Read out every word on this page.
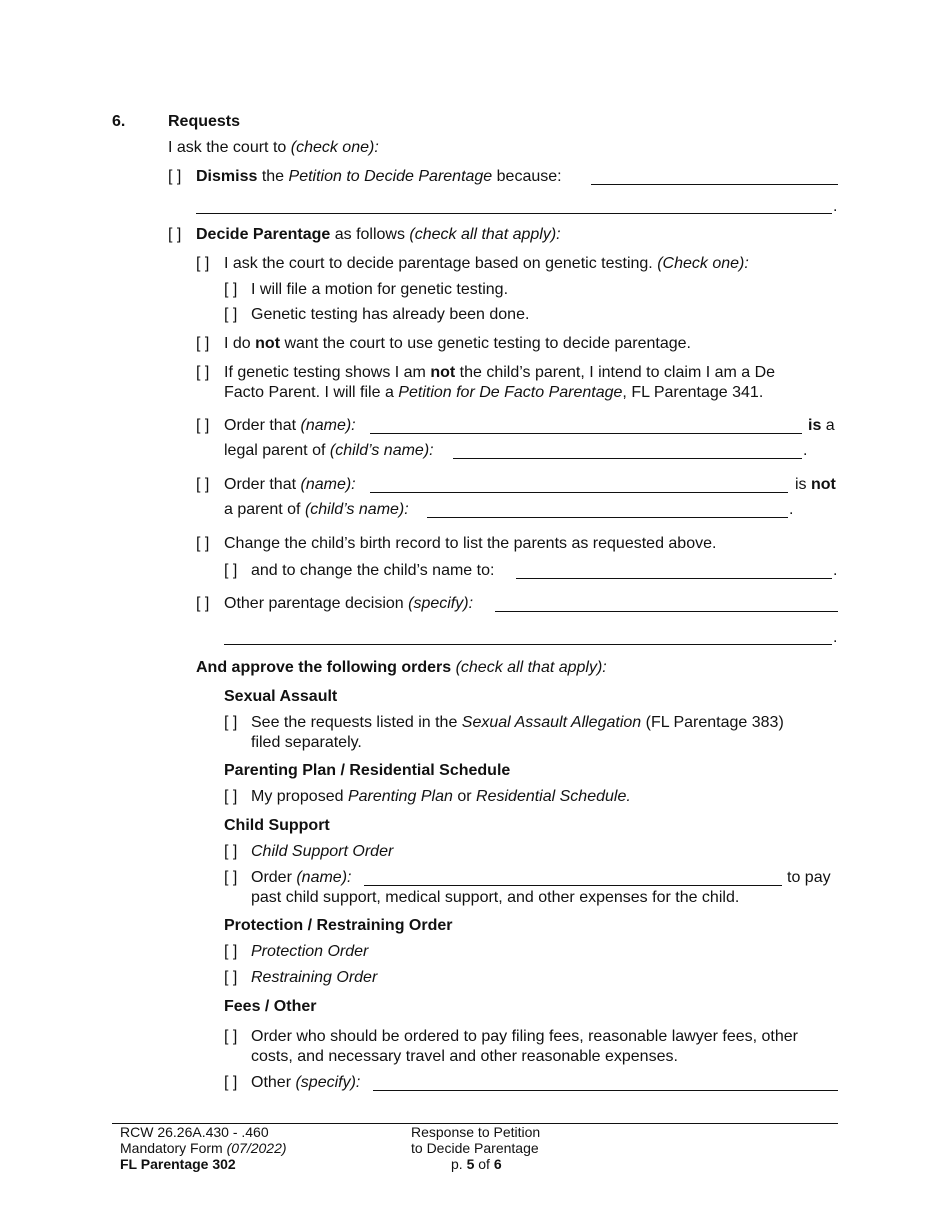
6.	Requests
I ask the court to (check one):
[ ] Dismiss the Petition to Decide Parentage because:
.
[ ] Decide Parentage as follows (check all that apply):
[ ] I ask the court to decide parentage based on genetic testing. (Check one):
[ ] I will file a motion for genetic testing.
[ ] Genetic testing has already been done.
[ ] I do not want the court to use genetic testing to decide parentage.
[ ] If genetic testing shows I am not the child’s parent, I intend to claim I am a De
Facto Parent. I will file a Petition for De Facto Parentage, FL Parentage 341.
[ ] Order that (name):	is a
legal parent of (child’s name):	.
[ ] Order that (name):	is not
a parent of (child’s name):	.
[ ] Change the child’s birth record to list the parents as requested above.
[ ] and to change the child’s name to:	.
[ ] Other parentage decision (specify):
.
And approve the following orders (check all that apply):
Sexual Assault
[ ] See the requests listed in the Sexual Assault Allegation (FL Parentage 383)
filed separately.
Parenting Plan / Residential Schedule
[ ] My proposed Parenting Plan or Residential Schedule.
Child Support
[ ] Child Support Order
[ ] Order (name):	to pay
past child support, medical support, and other expenses for the child.
Protection / Restraining Order
[ ] Protection Order
[ ] Restraining Order
Fees / Other
[ ] Order who should be ordered to pay filing fees, reasonable lawyer fees, other
costs, and necessary travel and other reasonable expenses.
[ ] Other (specify):
RCW 26.26A.430 - .460
Mandatory Form (07/2022)
FL Parentage 302
Response to Petition
to Decide Parentage
p. 5 of 6
